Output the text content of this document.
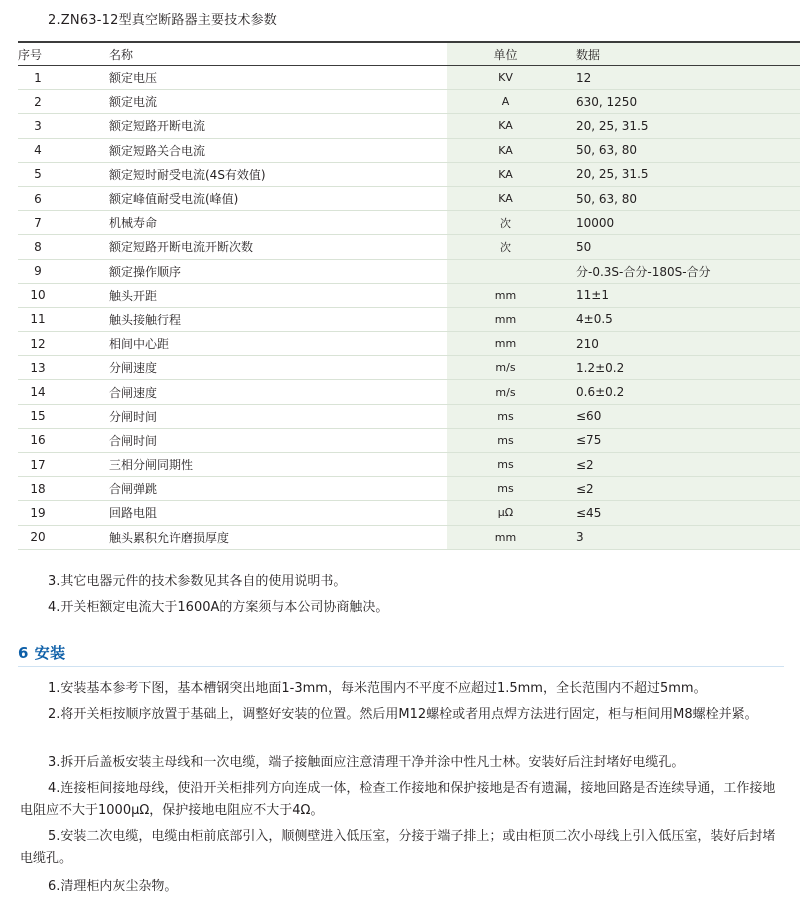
2.ZN63-12型真空断路器主要技术参数
序号	名称	单位	数据
1	额定电压	KV	12
2	额定电流	A	630, 1250
3	额定短路开断电流	KA	20, 25, 31.5
4	额定短路关合电流	KA	50, 63, 80
5	额定短时耐受电流(4S有效值)	KA	20, 25, 31.5
6	额定峰值耐受电流(峰值)	KA	50, 63, 80
7	机械寿命	次	10000
8	额定短路开断电流开断次数	次	50
9	额定操作顺序		分-0.3S-合分-180S-合分
10	触头开距	mm	11±1
11	触头接触行程	mm	4±0.5
12	相间中心距	mm	210
13	分闸速度	m/s	1.2±0.2
14	合闸速度	m/s	0.6±0.2
15	分闸时间	ms	≤60
16	合闸时间	ms	≤75
17	三相分闸同期性	ms	≤2
18	合闸弹跳	ms	≤2
19	回路电阻	μΩ	≤45
20	触头累积允许磨损厚度	mm	3
3.其它电器元件的技术参数见其各自的使用说明书。
4.开关柜额定电流大于1600A的方案须与本公司协商触决。
6 安装
1.安装基本参考下图，基本槽钢突出地面1-3mm，每米范围内不平度不应超过1.5mm，全长范围内不超过5mm。
2.将开关柜按顺序放置于基础上，调整好安装的位置。然后用M12螺栓或者用点焊方法进行固定，柜与柜间用M8螺栓并紧。
3.拆开后盖板安装主母线和一次电缆，端子接触面应注意清理干净并涂中性凡士林。安装好后注封堵好电缆孔。
4.连接柜间接地母线，使沿开关柜排列方向连成一体，检查工作接地和保护接地是否有遗漏，接地回路是否连续导通，工作接地电阻应不大于1000μΩ，保护接地电阻应不大于4Ω。
5.安装二次电缆，电缆由柜前底部引入，顺侧壁进入低压室，分接于端子排上；或由柜顶二次小母线上引入低压室，装好后封堵电缆孔。
6.清理柜内灰尘杂物。
